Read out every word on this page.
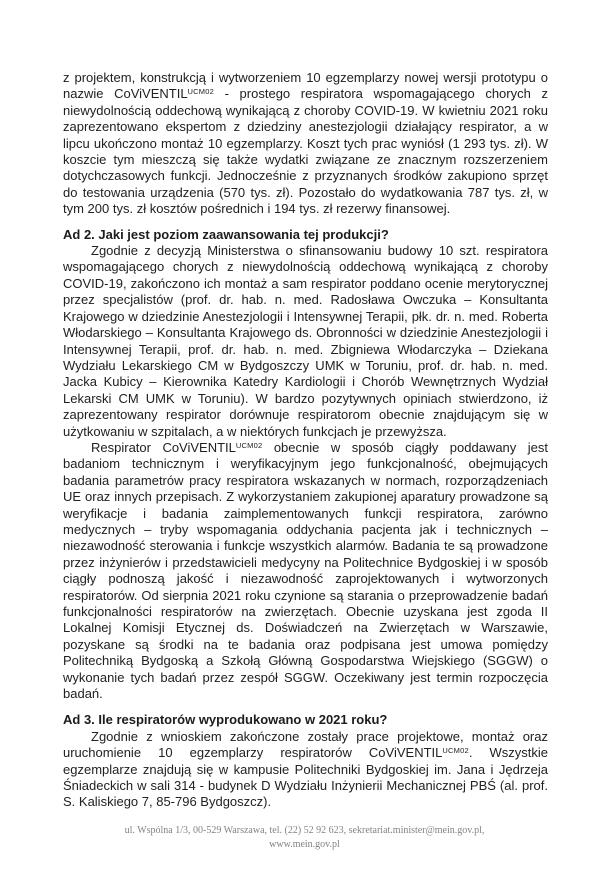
z projektem, konstrukcją i wytworzeniem 10 egzemplarzy nowej wersji prototypu o nazwie CoViVENTIL$^{UCM02}$ - prostego respiratora wspomagającego chorych z niewydolnością oddechową wynikającą z choroby COVID-19. W kwietniu 2021 roku zaprezentowano ekspertom z dziedziny anestezjologii działający respirator, a w lipcu ukończono montaż 10 egzemplarzy. Koszt tych prac wyniósł (1 293 tys. zł). W koszcie tym mieszczą się także wydatki związane ze znacznym rozszerzeniem dotychczasowych funkcji. Jednocześnie z przyznanych środków zakupiono sprzęt do testowania urządzenia (570 tys. zł). Pozostało do wydatkowania 787 tys. zł, w tym 200 tys. zł kosztów pośrednich i 194 tys. zł rezerwy finansowej.

Ad 2. Jaki jest poziom zaawansowania tej produkcji?

Zgodnie z decyzją Ministerstwa o sfinansowaniu budowy 10 szt. respiratora wspomagającego chorych z niewydolnością oddechową wynikającą z choroby COVID-19, zakończono ich montaż a sam respirator poddano ocenie merytorycznej przez specjalistów (prof. dr. hab. n. med. Radosława Owczuka – Konsultanta Krajowego w dziedzinie Anestezjologii i Intensywnej Terapii, płk. dr. n. med. Roberta Włodarskiego – Konsultanta Krajowego ds. Obronności w dziedzinie Anestezjologii i Intensywnej Terapii, prof. dr. hab. n. med. Zbigniewa Włodarczyka – Dziekana Wydziału Lekarskiego CM w Bydgoszczy UMK w Toruniu, prof. dr. hab. n. med. Jacka Kubicy – Kierownika Katedry Kardiologii i Chorób Wewnętrznych Wydział Lekarski CM UMK w Toruniu). W bardzo pozytywnych opiniach stwierdzono, iż zaprezentowany respirator dorównuje respiratorom obecnie znajdującym się w użytkowaniu w szpitalach, a w niektórych funkcjach je przewyższa.

Respirator CoViVENTIL$^{UCM02}$ obecnie w sposób ciągły poddawany jest badaniom technicznym i weryfikacyjnym jego funkcjonalność, obejmujących badania parametrów pracy respiratora wskazanych w normach, rozporządzeniach UE oraz innych przepisach. Z wykorzystaniem zakupionej aparatury prowadzone są weryfikacje i badania zaimplementowanych funkcji respiratora, zarówno medycznych – tryby wspomagania oddychania pacjenta jak i technicznych – niezawodność sterowania i funkcje wszystkich alarmów. Badania te są prowadzone przez inżynierów i przedstawicieli medycyny na Politechnice Bydgoskiej i w sposób ciągły podnoszą jakość i niezawodność zaprojektowanych i wytworzonych respiratorów. Od sierpnia 2021 roku czynione są starania o przeprowadzenie badań funkcjonalności respiratorów na zwierzętach. Obecnie uzyskana jest zgoda II Lokalnej Komisji Etycznej ds. Doświadczeń na Zwierzętach w Warszawie, pozyskane są środki na te badania oraz podpisana jest umowa pomiędzy Politechniką Bydgoską a Szkołą Główną Gospodarstwa Wiejskiego (SGGW) o wykonanie tych badań przez zespół SGGW. Oczekiwany jest termin rozpoczęcia badań.

Ad 3. Ile respiratorów wyprodukowano w 2021 roku?

Zgodnie z wnioskiem zakończone zostały prace projektowe, montaż oraz uruchomienie 10 egzemplarzy respiratorów CoViVENTIL$^{UCM02}$. Wszystkie egzemplarze znajdują się w kampusie Politechniki Bydgoskiej im. Jana i Jędrzeja Śniadeckich w sali 314 - budynek D Wydziału Inżynierii Mechanicznej PBŚ (al. prof. S. Kaliskiego 7, 85-796 Bydgoszcz).

ul. Wspólna 1/3, 00-529 Warszawa, tel. (22) 52 92 623, sekretariat.minister@mein.gov.pl,
www.mein.gov.pl
